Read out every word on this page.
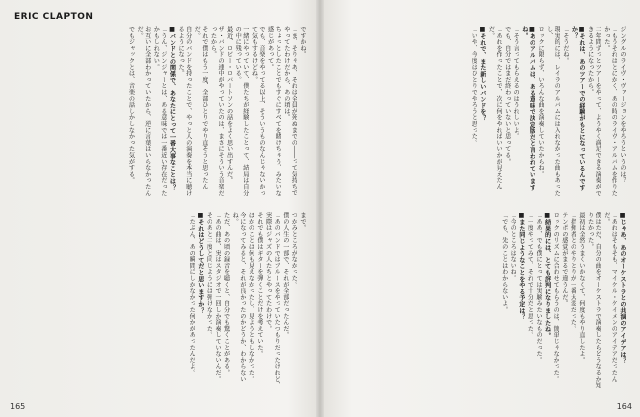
ERIC CLAPTON
ですかね。
「ま、そりゃあ、それは全員が死ぬまでの――って気持ちでやってたわけだから、あの頃は。
ちょっとしたことでもすぐにすべてを賭けちゃう、みたいな感じがあって。
でも、音楽をやってる以上、そういうものなんじゃないかって気もするけどね。
一緒にやっていて、僕たちが経験したことって、結局は自分の中に残っている。
最近、ロビー・ロバートソンの話をよく思い出すんだ。
ザ・バンドの連中がやっていたのは、まさにそういう音楽だったから。
それで僕はもう一度、全部ひとりでやり直そうと思ったんだ。
自分のバンドを持ったことで、やっと人の演奏を本当に聴けるようになった。
■バンドとの関係で、あなたにとって一番大事なことは？
「うん、ジンジャーとは、ある意味では一番近い存在だったかもしれない。
お互いに全部わかっていたから、逆に言葉はいらなかったんだ。
でもジャックとは、音楽の話しかしなかった気がする。
まで。
つかみところがなかった。
僕の人生の一部で、それが全部だったんだ。
「あのバンドではブルースをやっていたつもりだったけれど、
実際はジャズの人たちとやってたわけで。
それでも僕はギターを弾くことだけを考えていた。
ほかのことは何も見えなかったし、見ようともしなかった。
今になってみると、それが良かったのかどうか、わからないね。
ただ、あの頃の録音を聴くと、自分でも驚くことがある。
「あの曲は、実はスタジオで一回しか演奏していないんだ。
そのあと二度と同じようには弾けなかった。
■それはどうしてだと思いますか？
「たぶん、あの瞬間にしかなかった何かがあったんだよ。
165
ジングルのライヴ・ヴァージョンをやろうというのは？
「もうそれはとにかく、あの時のライヴ・アルバムを作りたかった。
二年間ずっとツアーをやって、ようやく満足できる演奏ができるようになったから。
■それは、あのツアーでの経験がもとになっているんですか？
「そうだね。
現実的には、レイラのアルバムには入れなかった曲もあったし、
ロックに限らず、いろんな曲を演奏していたからね。
■あのアルバムは、ある意味で決定版だと言われていますね。
「そう言ってもらえるのはうれしいよ。
でも、自分ではまだ終わっていないと思ってる。
「あれを作ったことで、次に何をやればいいかが見えたんだ。
■それで、また新しいバンドを？
「いや、今度はひとりでやろうと思った。
■じゃあ、あのオーケストラとの共演のアイデアは？
「あれはそもそも、マイケル・ケイメンのアイデアだったんだ。
僕はただ、自分の曲をオーケストラで演奏したらどうなるか知りたかった。
最初は全然うまくいかなくて、何度もやり直したよ。
「指揮者とのやりとりが一番大変だった。
テンポの感覚がまるで違うんだ。
ロックのリズムに合わせてもらうのは、簡単じゃなかった。
■結果的には、とても評判になりましたね。
「ああ、でも僕にとっては実験みたいなものだった。
「一度やってみて、それで十分だと思った。
■また同じようなことをやる予定は？
「今のところはないね。
「でも、先のことはわからないよ。
164
